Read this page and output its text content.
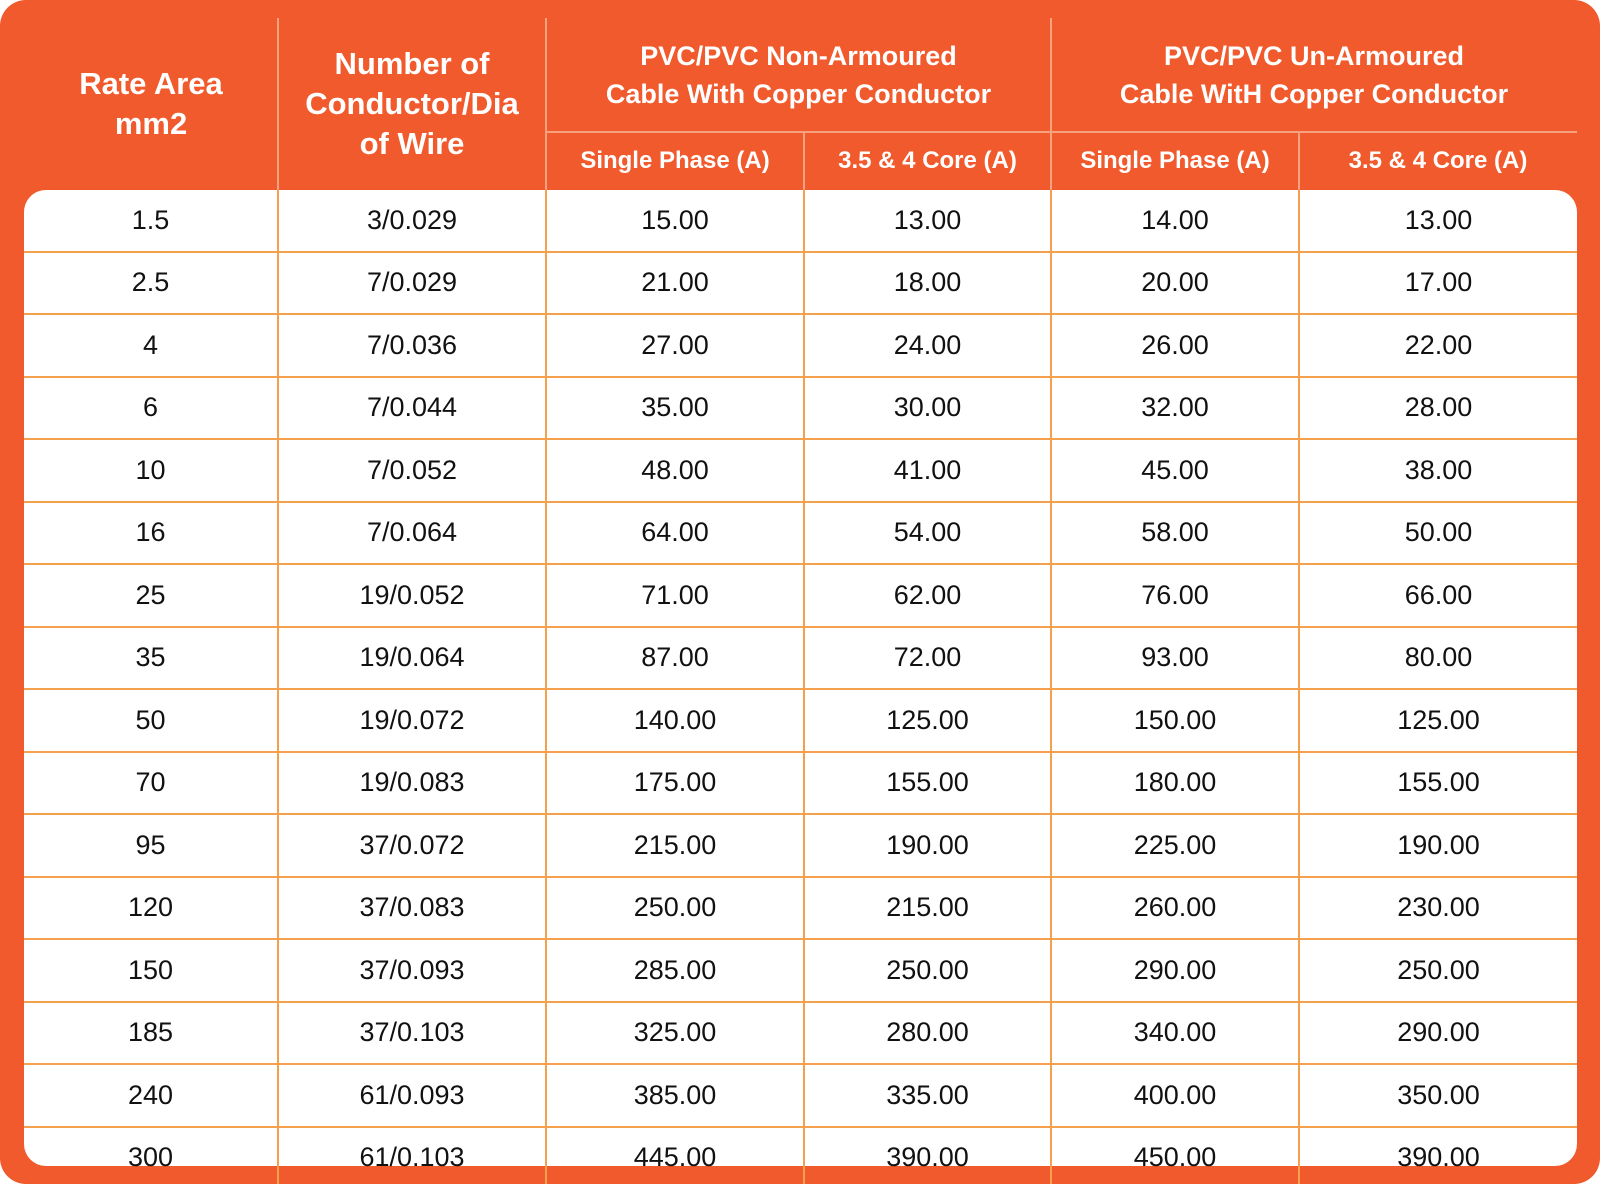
Rate Area
mm2
Number of
Conductor/Dia
of Wire
PVC/PVC Non-Armoured
Cable With Copper Conductor
PVC/PVC Un-Armoured
Cable WitH Copper Conductor
Single Phase (A)	3.5 & 4 Core (A)	Single Phase (A)	3.5 & 4 Core (A)
1.5	3/0.029	15.00	13.00	14.00	13.00
2.5	7/0.029	21.00	18.00	20.00	17.00
4	7/0.036	27.00	24.00	26.00	22.00
6	7/0.044	35.00	30.00	32.00	28.00
10	7/0.052	48.00	41.00	45.00	38.00
16	7/0.064	64.00	54.00	58.00	50.00
25	19/0.052	71.00	62.00	76.00	66.00
35	19/0.064	87.00	72.00	93.00	80.00
50	19/0.072	140.00	125.00	150.00	125.00
70	19/0.083	175.00	155.00	180.00	155.00
95	37/0.072	215.00	190.00	225.00	190.00
120	37/0.083	250.00	215.00	260.00	230.00
150	37/0.093	285.00	250.00	290.00	250.00
185	37/0.103	325.00	280.00	340.00	290.00
240	61/0.093	385.00	335.00	400.00	350.00
300	61/0.103	445.00	390.00	450.00	390.00
